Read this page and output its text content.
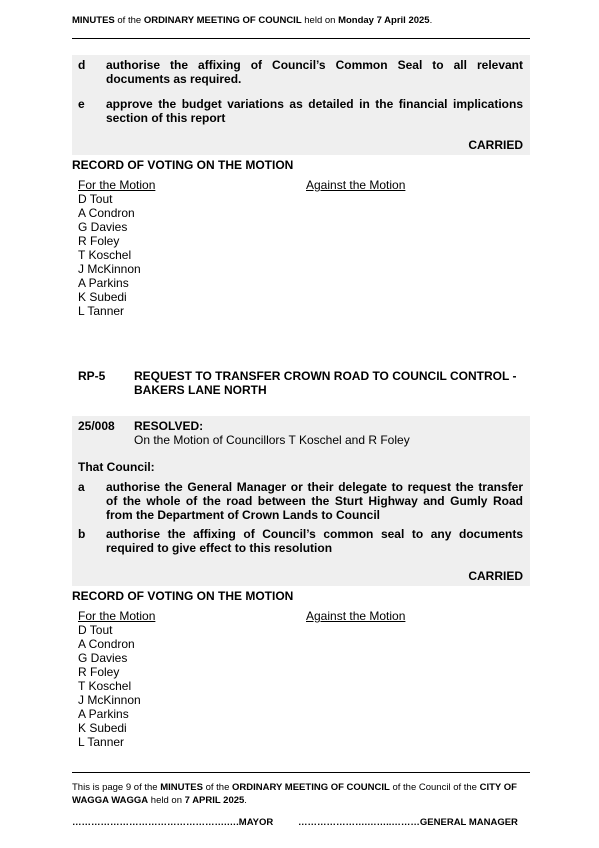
MINUTES of the ORDINARY MEETING OF COUNCIL held on Monday 7 April 2025.
d authorise the affixing of Council’s Common Seal to all relevant documents as required.
e approve the budget variations as detailed in the financial implications section of this report
CARRIED
RECORD OF VOTING ON THE MOTION
For the Motion	Against the Motion
D Tout
A Condron
G Davies
R Foley
T Koschel
J McKinnon
A Parkins
K Subedi
L Tanner
RP-5 REQUEST TO TRANSFER CROWN ROAD TO COUNCIL CONTROL -
BAKERS LANE NORTH
25/008 RESOLVED:
On the Motion of Councillors T Koschel and R Foley
That Council:
a authorise the General Manager or their delegate to request the transfer of the whole of the road between the Sturt Highway and Gumly Road from the Department of Crown Lands to Council
b authorise the affixing of Council’s common seal to any documents required to give effect to this resolution
CARRIED
RECORD OF VOTING ON THE MOTION
For the Motion	Against the Motion
D Tout
A Condron
G Davies
R Foley
T Koschel
J McKinnon
A Parkins
K Subedi
L Tanner
This is page 9 of the MINUTES of the ORDINARY MEETING OF COUNCIL of the Council of the CITY OF WAGGA WAGGA held on 7 APRIL 2025.
………………………………………….….MAYOR	………………….……..………GENERAL MANAGER
